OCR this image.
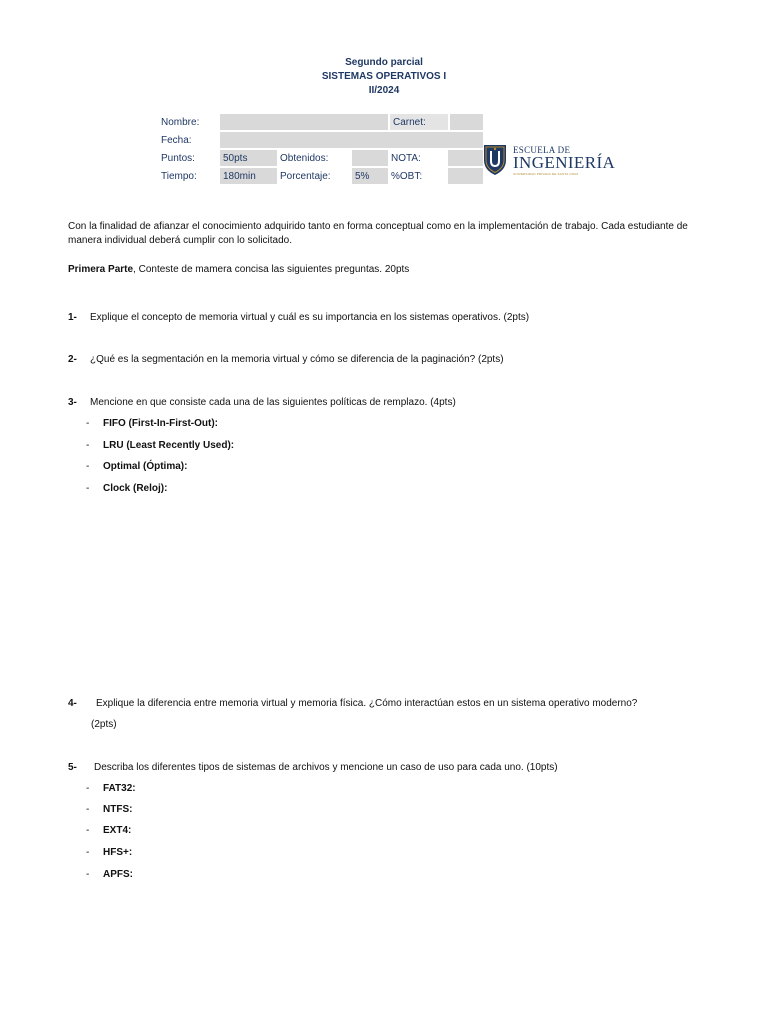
Segundo parcial
SISTEMAS OPERATIVOS I
II/2024
Nombre:				Carnet:	
Fecha:					
Puntos:	50pts	Obtenidos:		NOTA:	
Tiempo:	180min	Porcentaje:	5%	%OBT:	
ESCUELA DE
INGENIERÍA
UNIVERSIDAD PRIVADA DE SANTA CRUZ
Con la finalidad de afianzar el conocimiento adquirido tanto en forma conceptual como en la implementación de trabajo. Cada estudiante de manera individual deberá cumplir con lo solicitado.
Primera Parte, Conteste de mamera concisa las siguientes preguntas. 20pts
1- Explique el concepto de memoria virtual y cuál es su importancia en los sistemas operativos. (2pts)
2- ¿Qué es la segmentación en la memoria virtual y cómo se diferencia de la paginación? (2pts)
3- Mencione en que consiste cada una de las siguientes políticas de remplazo. (4pts)
- FIFO (First-In-First-Out):
- LRU (Least Recently Used):
- Optimal (Óptima):
- Clock (Reloj):
4- Explique la diferencia entre memoria virtual y memoria física. ¿Cómo interactúan estos en un sistema operativo moderno?
(2pts)
5- Describa los diferentes tipos de sistemas de archivos y mencione un caso de uso para cada uno. (10pts)
- FAT32:
- NTFS:
- EXT4:
- HFS+:
- APFS:
